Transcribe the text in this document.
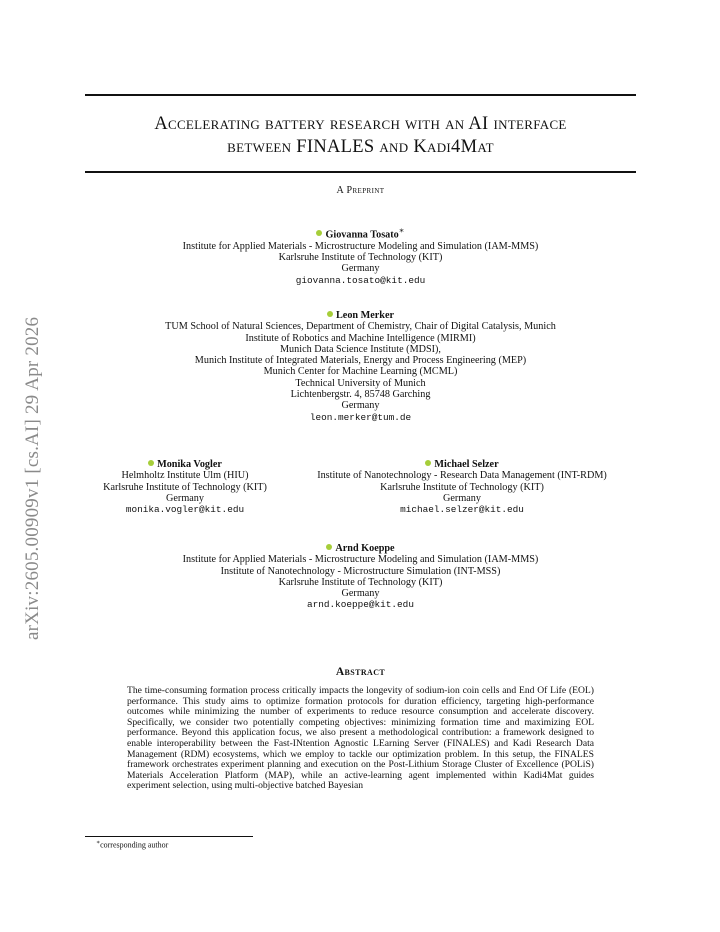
arXiv:2605.00909v1 [cs.AI] 29 Apr 2026
Accelerating battery research with an AI interface
between FINALES and Kadi4Mat
A Preprint
Giovanna Tosato∗
Institute for Applied Materials - Microstructure Modeling and Simulation (IAM-MMS)
Karlsruhe Institute of Technology (KIT)
Germany
giovanna.tosato@kit.edu
Leon Merker
TUM School of Natural Sciences, Department of Chemistry, Chair of Digital Catalysis, Munich
Institute of Robotics and Machine Intelligence (MIRMI)
Munich Data Science Institute (MDSI),
Munich Institute of Integrated Materials, Energy and Process Engineering (MEP)
Munich Center for Machine Learning (MCML)
Technical University of Munich
Lichtenbergstr. 4, 85748 Garching
Germany
leon.merker@tum.de
Monika Vogler
Helmholtz Institute Ulm (HIU)
Karlsruhe Institute of Technology (KIT)
Germany
monika.vogler@kit.edu
Michael Selzer
Institute of Nanotechnology - Research Data Management (INT-RDM)
Karlsruhe Institute of Technology (KIT)
Germany
michael.selzer@kit.edu
Arnd Koeppe
Institute for Applied Materials - Microstructure Modeling and Simulation (IAM-MMS)
Institute of Nanotechnology - Microstructure Simulation (INT-MSS)
Karlsruhe Institute of Technology (KIT)
Germany
arnd.koeppe@kit.edu
Abstract

The time-consuming formation process critically impacts the longevity of sodium-ion coin cells and End Of Life (EOL) performance. This study aims to optimize formation protocols for duration efficiency, targeting high-performance outcomes while minimizing the number of experiments to reduce resource consumption and accelerate discovery. Specifically, we consider two potentially competing objectives: minimizing formation time and maximizing EOL performance. Beyond this application focus, we also present a methodological contribution: a framework designed to enable interoperability between the Fast-INtention Agnostic LEarning Server (FINALES) and Kadi Research Data Management (RDM) ecosystems, which we employ to tackle our optimization problem. In this setup, the FINALES framework orchestrates experiment planning and execution on the Post-Lithium Storage Cluster of Excellence (POLiS) Materials Acceleration Platform (MAP), while an active-learning agent implemented within Kadi4Mat guides experiment selection, using multi-objective batched Bayesian

∗corresponding author
